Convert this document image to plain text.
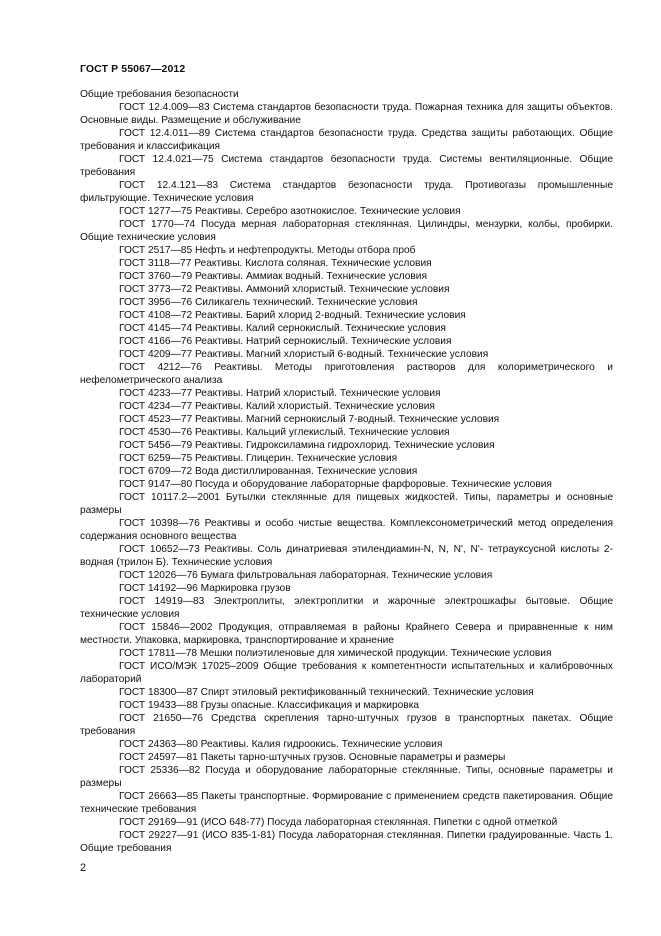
ГОСТ Р 55067—2012

Общие требования безопасности

ГОСТ 12.4.009—83 Система стандартов безопасности труда. Пожарная техника для защиты объектов. Основные виды. Размещение и обслуживание

ГОСТ 12.4.011—89 Система стандартов безопасности труда. Средства защиты работающих. Общие требования и классификация

ГОСТ 12.4.021—75 Система стандартов безопасности труда. Системы вентиляционные. Общие требования

ГОСТ 12.4.121—83 Система стандартов безопасности труда. Противогазы промышленные фильтрующие. Технические условия

ГОСТ 1277—75 Реактивы. Серебро азотнокислое. Технические условия

ГОСТ 1770—74 Посуда мерная лабораторная стеклянная. Цилиндры, мензурки, колбы, пробирки. Общие технические условия

ГОСТ 2517—85 Нефть и нефтепродукты. Методы отбора проб

ГОСТ 3118—77 Реактивы. Кислота соляная. Технические условия

ГОСТ 3760—79 Реактивы. Аммиак водный. Технические условия

ГОСТ 3773—72 Реактивы. Аммоний хлористый. Технические условия

ГОСТ 3956—76 Силикагель технический. Технические условия

ГОСТ 4108—72 Реактивы. Барий хлорид 2-водный. Технические условия

ГОСТ 4145—74 Реактивы. Калий сернокислый. Технические условия

ГОСТ 4166—76 Реактивы. Натрий сернокислый. Технические условия

ГОСТ 4209—77 Реактивы. Магний хлористый 6-водный. Технические условия

ГОСТ 4212—76 Реактивы. Методы приготовления растворов для колориметрического и нефелометрического анализа

ГОСТ 4233—77 Реактивы. Натрий хлористый. Технические условия

ГОСТ 4234—77 Реактивы. Калий хлористый. Технические условия

ГОСТ 4523—77 Реактивы. Магний сернокислый 7-водный. Технические условия

ГОСТ 4530—76 Реактивы. Кальций углекислый. Технические условия

ГОСТ 5456—79 Реактивы. Гидроксиламина гидрохлорид. Технические условия

ГОСТ 6259—75 Реактивы. Глицерин. Технические условия

ГОСТ 6709—72 Вода дистиллированная. Технические условия

ГОСТ 9147—80 Посуда и оборудование лабораторные фарфоровые. Технические условия

ГОСТ 10117.2—2001 Бутылки стеклянные для пищевых жидкостей. Типы, параметры и основные размеры

ГОСТ 10398—76 Реактивы и особо чистые вещества. Комплексонометрический метод определения содержания основного вещества

ГОСТ 10652—73 Реактивы. Соль динатриевая этилендиамин-N, N, N', N'- тетрауксусной кислоты 2-водная (трилон Б). Технические условия

ГОСТ 12026—76 Бумага фильтровальная лабораторная. Технические условия

ГОСТ 14192—96 Маркировка грузов

ГОСТ 14919—83 Электроплиты, электроплитки и жарочные электрошкафы бытовые. Общие технические условия

ГОСТ 15846—2002 Продукция, отправляемая в районы Крайнего Севера и приравненные к ним местности. Упаковка, маркировка, транспортирование и хранение

ГОСТ 17811—78 Мешки полиэтиленовые для химической продукции. Технические условия

ГОСТ ИСО/МЭК 17025–2009 Общие требования к компетентности испытательных и калибровочных лабораторий

ГОСТ 18300—87 Спирт этиловый ректификованный технический. Технические условия

ГОСТ 19433—88 Грузы опасные. Классификация и маркировка

ГОСТ 21650—76 Средства скрепления тарно-штучных грузов в транспортных пакетах. Общие требования

ГОСТ 24363—80 Реактивы. Калия гидроокись. Технические условия

ГОСТ 24597—81 Пакеты тарно-штучных грузов. Основные параметры и размеры

ГОСТ 25336—82 Посуда и оборудование лабораторные стеклянные. Типы, основные параметры и размеры

ГОСТ 26663—85 Пакеты транспортные. Формирование с применением средств пакетирования. Общие технические требования

ГОСТ 29169—91 (ИСО 648-77) Посуда лабораторная стеклянная. Пипетки с одной отметкой

ГОСТ 29227—91 (ИСО 835-1-81) Посуда лабораторная стеклянная. Пипетки градуированные. Часть 1. Общие требования

2
